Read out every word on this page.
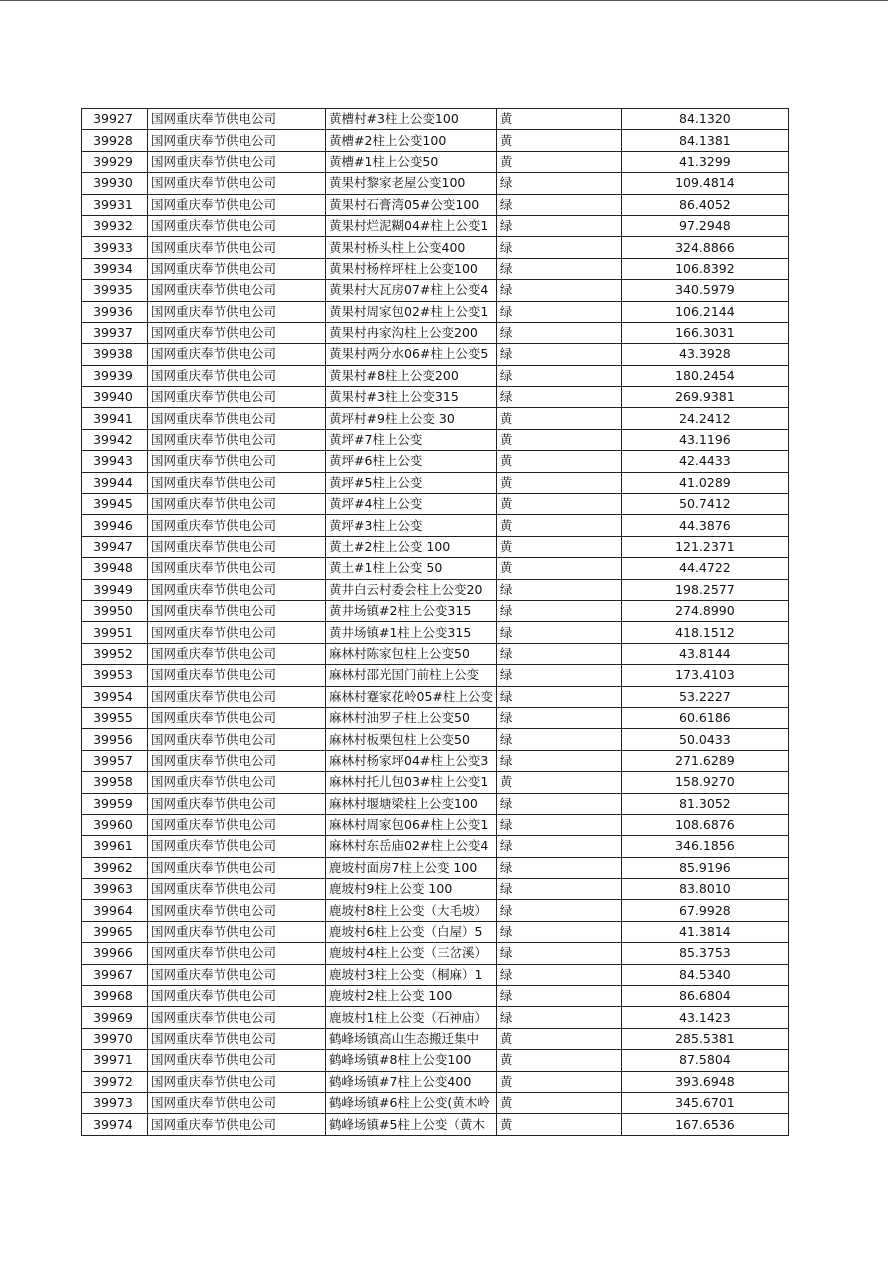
39927	国网重庆奉节供电公司	黄槽村#3柱上公变100	黄	84.1320
39928	国网重庆奉节供电公司	黄槽#2柱上公变100	黄	84.1381
39929	国网重庆奉节供电公司	黄槽#1柱上公变50	黄	41.3299
39930	国网重庆奉节供电公司	黄果村黎家老屋公变100	绿	109.4814
39931	国网重庆奉节供电公司	黄果村石膏湾05#公变100	绿	86.4052
39932	国网重庆奉节供电公司	黄果村烂泥糊04#柱上公变1	绿	97.2948
39933	国网重庆奉节供电公司	黄果村桥头柱上公变400	绿	324.8866
39934	国网重庆奉节供电公司	黄果村杨梓坪柱上公变100	绿	106.8392
39935	国网重庆奉节供电公司	黄果村大瓦房07#柱上公变4	绿	340.5979
39936	国网重庆奉节供电公司	黄果村周家包02#柱上公变1	绿	106.2144
39937	国网重庆奉节供电公司	黄果村冉家沟柱上公变200	绿	166.3031
39938	国网重庆奉节供电公司	黄果村两分水06#柱上公变5	绿	43.3928
39939	国网重庆奉节供电公司	黄果村#8柱上公变200	绿	180.2454
39940	国网重庆奉节供电公司	黄果村#3柱上公变315	绿	269.9381
39941	国网重庆奉节供电公司	黄坪村#9柱上公变 30	黄	24.2412
39942	国网重庆奉节供电公司	黄坪#7柱上公变	黄	43.1196
39943	国网重庆奉节供电公司	黄坪#6柱上公变	黄	42.4433
39944	国网重庆奉节供电公司	黄坪#5柱上公变	黄	41.0289
39945	国网重庆奉节供电公司	黄坪#4柱上公变	黄	50.7412
39946	国网重庆奉节供电公司	黄坪#3柱上公变	黄	44.3876
39947	国网重庆奉节供电公司	黄土#2柱上公变 100	黄	121.2371
39948	国网重庆奉节供电公司	黄土#1柱上公变 50	黄	44.4722
39949	国网重庆奉节供电公司	黄井白云村委会柱上公变20	绿	198.2577
39950	国网重庆奉节供电公司	黄井场镇#2柱上公变315	绿	274.8990
39951	国网重庆奉节供电公司	黄井场镇#1柱上公变315	绿	418.1512
39952	国网重庆奉节供电公司	麻林村陈家包柱上公变50	绿	43.8144
39953	国网重庆奉节供电公司	麻林村邵光国门前柱上公变	绿	173.4103
39954	国网重庆奉节供电公司	麻林村蹇家花岭05#柱上公变	绿	53.2227
39955	国网重庆奉节供电公司	麻林村油罗子柱上公变50	绿	60.6186
39956	国网重庆奉节供电公司	麻林村板栗包柱上公变50	绿	50.0433
39957	国网重庆奉节供电公司	麻林村杨家坪04#柱上公变3	绿	271.6289
39958	国网重庆奉节供电公司	麻林村托儿包03#柱上公变1	黄	158.9270
39959	国网重庆奉节供电公司	麻林村堰塘梁柱上公变100	绿	81.3052
39960	国网重庆奉节供电公司	麻林村周家包06#柱上公变1	绿	108.6876
39961	国网重庆奉节供电公司	麻林村东岳庙02#柱上公变4	绿	346.1856
39962	国网重庆奉节供电公司	鹿坡村面房7柱上公变 100	绿	85.9196
39963	国网重庆奉节供电公司	鹿坡村9柱上公变 100	绿	83.8010
39964	国网重庆奉节供电公司	鹿坡村8柱上公变（大毛坡）	绿	67.9928
39965	国网重庆奉节供电公司	鹿坡村6柱上公变（白屋）5	绿	41.3814
39966	国网重庆奉节供电公司	鹿坡村4柱上公变（三岔溪）	绿	85.3753
39967	国网重庆奉节供电公司	鹿坡村3柱上公变（桐麻）1	绿	84.5340
39968	国网重庆奉节供电公司	鹿坡村2柱上公变 100	绿	86.6804
39969	国网重庆奉节供电公司	鹿坡村1柱上公变（石神庙）	绿	43.1423
39970	国网重庆奉节供电公司	鹤峰场镇高山生态搬迁集中	黄	285.5381
39971	国网重庆奉节供电公司	鹤峰场镇#8柱上公变100	黄	87.5804
39972	国网重庆奉节供电公司	鹤峰场镇#7柱上公变400	黄	393.6948
39973	国网重庆奉节供电公司	鹤峰场镇#6柱上公变(黄木岭	黄	345.6701
39974	国网重庆奉节供电公司	鹤峰场镇#5柱上公变（黄木	黄	167.6536
